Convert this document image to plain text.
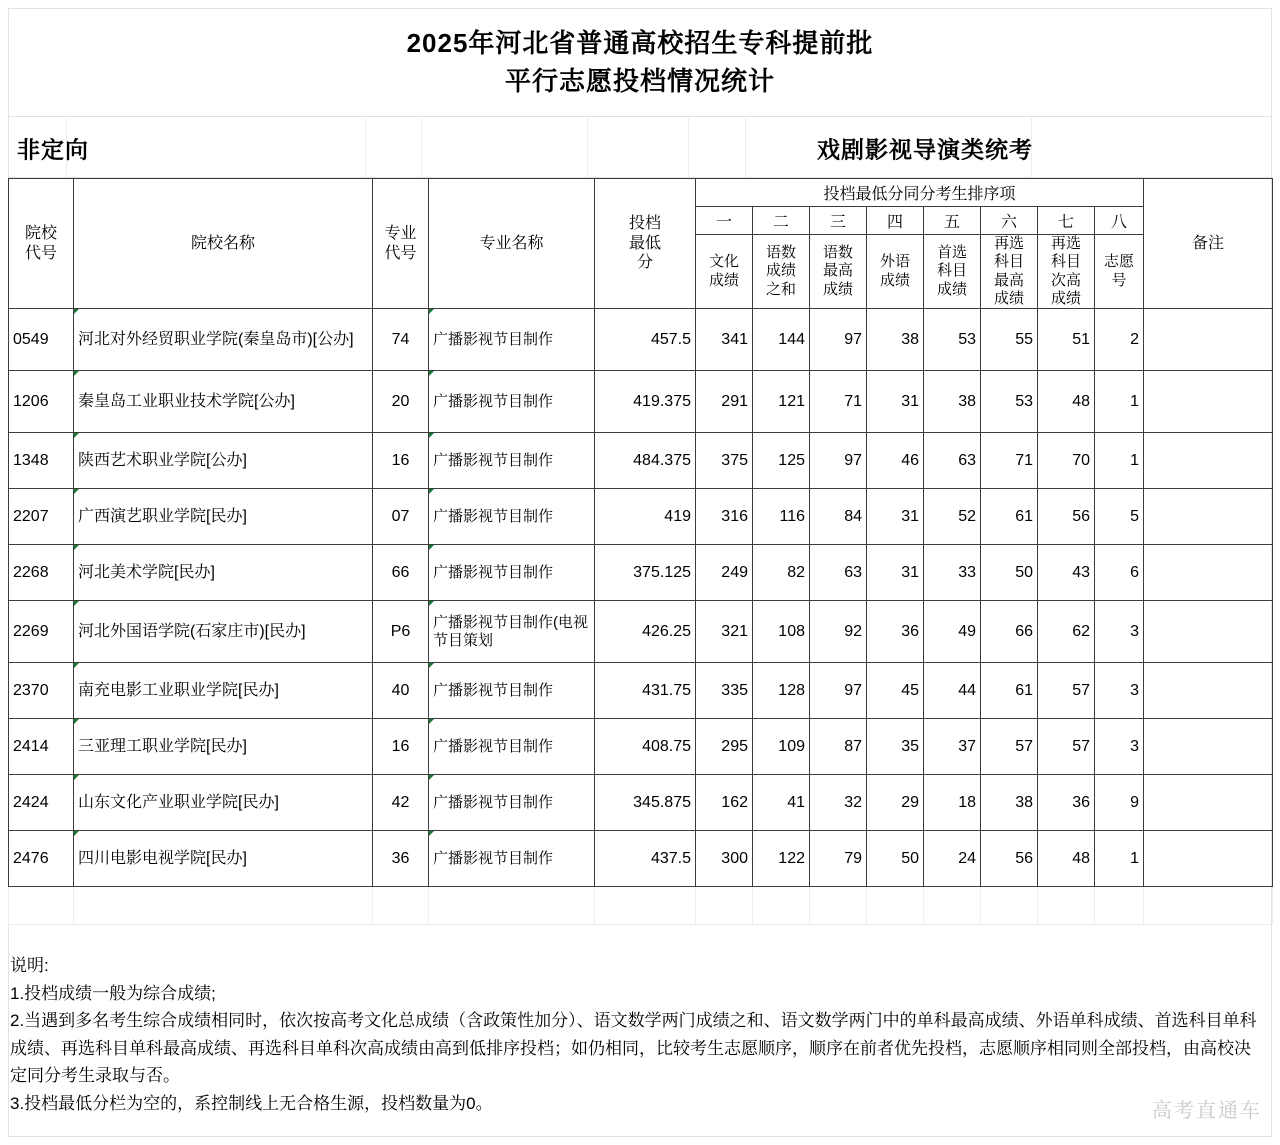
2025年河北省普通高校招生专科提前批
平行志愿投档情况统计
非定向	戏剧影视导演类统考
院校
代号
	院校名称	
专业
代号
	专业名称	
投档
最低
分
	投档最低分同分考生排序项	备注
					一	二	三	四	五	六	七	八	

文化
成绩

语数
成绩
之和

语数
最高
成绩

外语
成绩

首选
科目
成绩

再选
科目
最高
成绩

再选
科目
次高
成绩

志愿
号

0549	河北对外经贸职业学院(秦皇岛市)[公办]	74	广播影视节目制作	457.5	341	144	97	38	53	55	51	2	
1206	秦皇岛工业职业技术学院[公办]	20	广播影视节目制作	419.375	291	121	71	31	38	53	48	1	
1348	陕西艺术职业学院[公办]	16	广播影视节目制作	484.375	375	125	97	46	63	71	70	1	
2207	广西演艺职业学院[民办]	07	广播影视节目制作	419	316	116	84	31	52	61	56	5	
2268	河北美术学院[民办]	66	广播影视节目制作	375.125	249	82	63	31	33	50	43	6	
2269	河北外国语学院(石家庄市)[民办]	P6	广播影视节目制作(电视节目策划	426.25	321	108	92	36	49	66	62	3	
2370	南充电影工业职业学院[民办]	40	广播影视节目制作	431.75	335	128	97	45	44	61	57	3	
2414	三亚理工职业学院[民办]	16	广播影视节目制作	408.75	295	109	87	35	37	57	57	3	
2424	山东文化产业职业学院[民办]	42	广播影视节目制作	345.875	162	41	32	29	18	38	36	9	
2476	四川电影电视学院[民办]	36	广播影视节目制作	437.5	300	122	79	50	24	56	48	1	

说明:

1.投档成绩一般为综合成绩;

2.当遇到多名考生综合成绩相同时，依次按高考文化总成绩（含政策性加分）、语文数学两门成绩之和、语文数学两门中的单科最高成绩、外语单科成绩、首选科目单科成绩、再选科目单科最高成绩、再选科目单科次高成绩由高到低排序投档；如仍相同，比较考生志愿顺序，顺序在前者优先投档，志愿顺序相同则全部投档，由高校决定同分考生录取与否。

3.投档最低分栏为空的，系控制线上无合格生源，投档数量为0。	高考直通车
